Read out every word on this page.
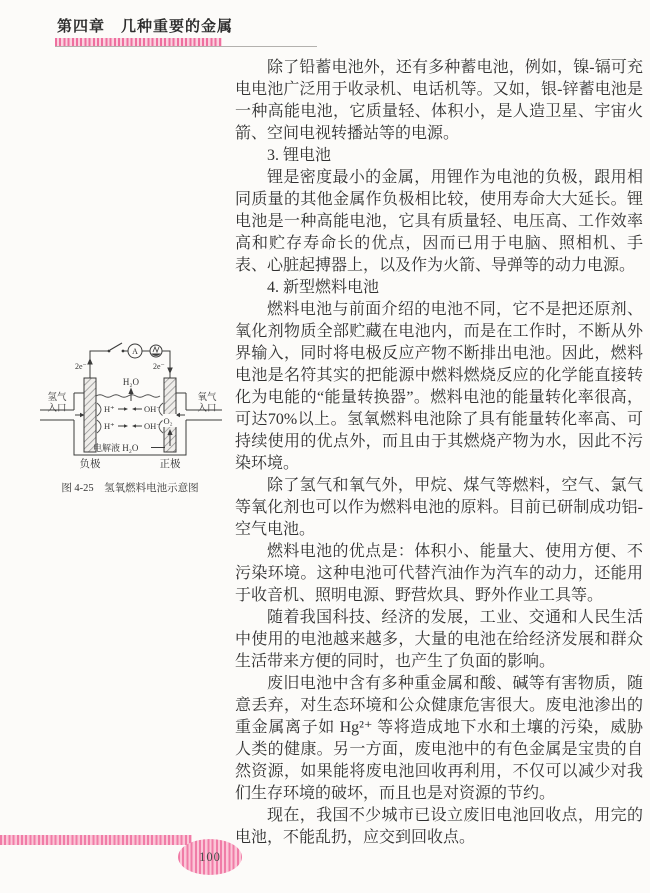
第四章 几种重要的金属

除了铅蓄电池外，还有多种蓄电池，例如，镍-镉可充电电池广泛用于收录机、电话机等。又如，银-锌蓄电池是一种高能电池，它质量轻、体积小，是人造卫星、宇宙火箭、空间电视转播站等的电源。

3. 锂电池

锂是密度最小的金属，用锂作为电池的负极，跟用相同质量的其他金属作负极相比较，使用寿命大大延长。锂电池是一种高能电池，它具有质量轻、电压高、工作效率高和贮存寿命长的优点，因而已用于电脑、照相机、手表、心脏起搏器上，以及作为火箭、导弹等的动力电源。

4. 新型燃料电池

燃料电池与前面介绍的电池不同，它不是把还原剂、氧化剂物质全部贮藏在电池内，而是在工作时，不断从外界输入，同时将电极反应产物不断排出电池。因此，燃料电池是名符其实的把能源中燃料燃烧反应的化学能直接转化为电能的“能量转换器”。燃料电池的能量转化率很高，可达70%以上。氢氧燃料电池除了具有能量转化率高、可持续使用的优点外，而且由于其燃烧产物为水，因此不污染环境。

除了氢气和氧气外，甲烷、煤气等燃料，空气、氯气等氧化剂也可以作为燃料电池的原料。目前已研制成功铝-空气电池。

燃料电池的优点是：体积小、能量大、使用方便、不污染环境。这种电池可代替汽油作为汽车的动力，还能用于收音机、照明电源、野营炊具、野外作业工具等。

随着我国科技、经济的发展，工业、交通和人民生活中使用的电池越来越多，大量的电池在给经济发展和群众生活带来方便的同时，也产生了负面的影响。

废旧电池中含有多种重金属和酸、碱等有害物质，随意丢弃，对生态环境和公众健康危害很大。废电池渗出的重金属离子如 Hg²⁺ 等将造成地下水和土壤的污染，威胁人类的健康。另一方面，废电池中的有色金属是宝贵的自然资源，如果能将废电池回收再利用，不仅可以减少对我们生存环境的破坏，而且也是对资源的节约。

现在，我国不少城市已设立废旧电池回收点，用完的电池，不能乱扔，应交到回收点。

A
2e⁻	2e⁻
H₂O
H⁺	OH⁻
H⁺	OH⁻ O₂
电解液 H₂O
氢气
入口
氧气
入口
负极	正极
图 4-25　氢氧燃料电池示意图
100
